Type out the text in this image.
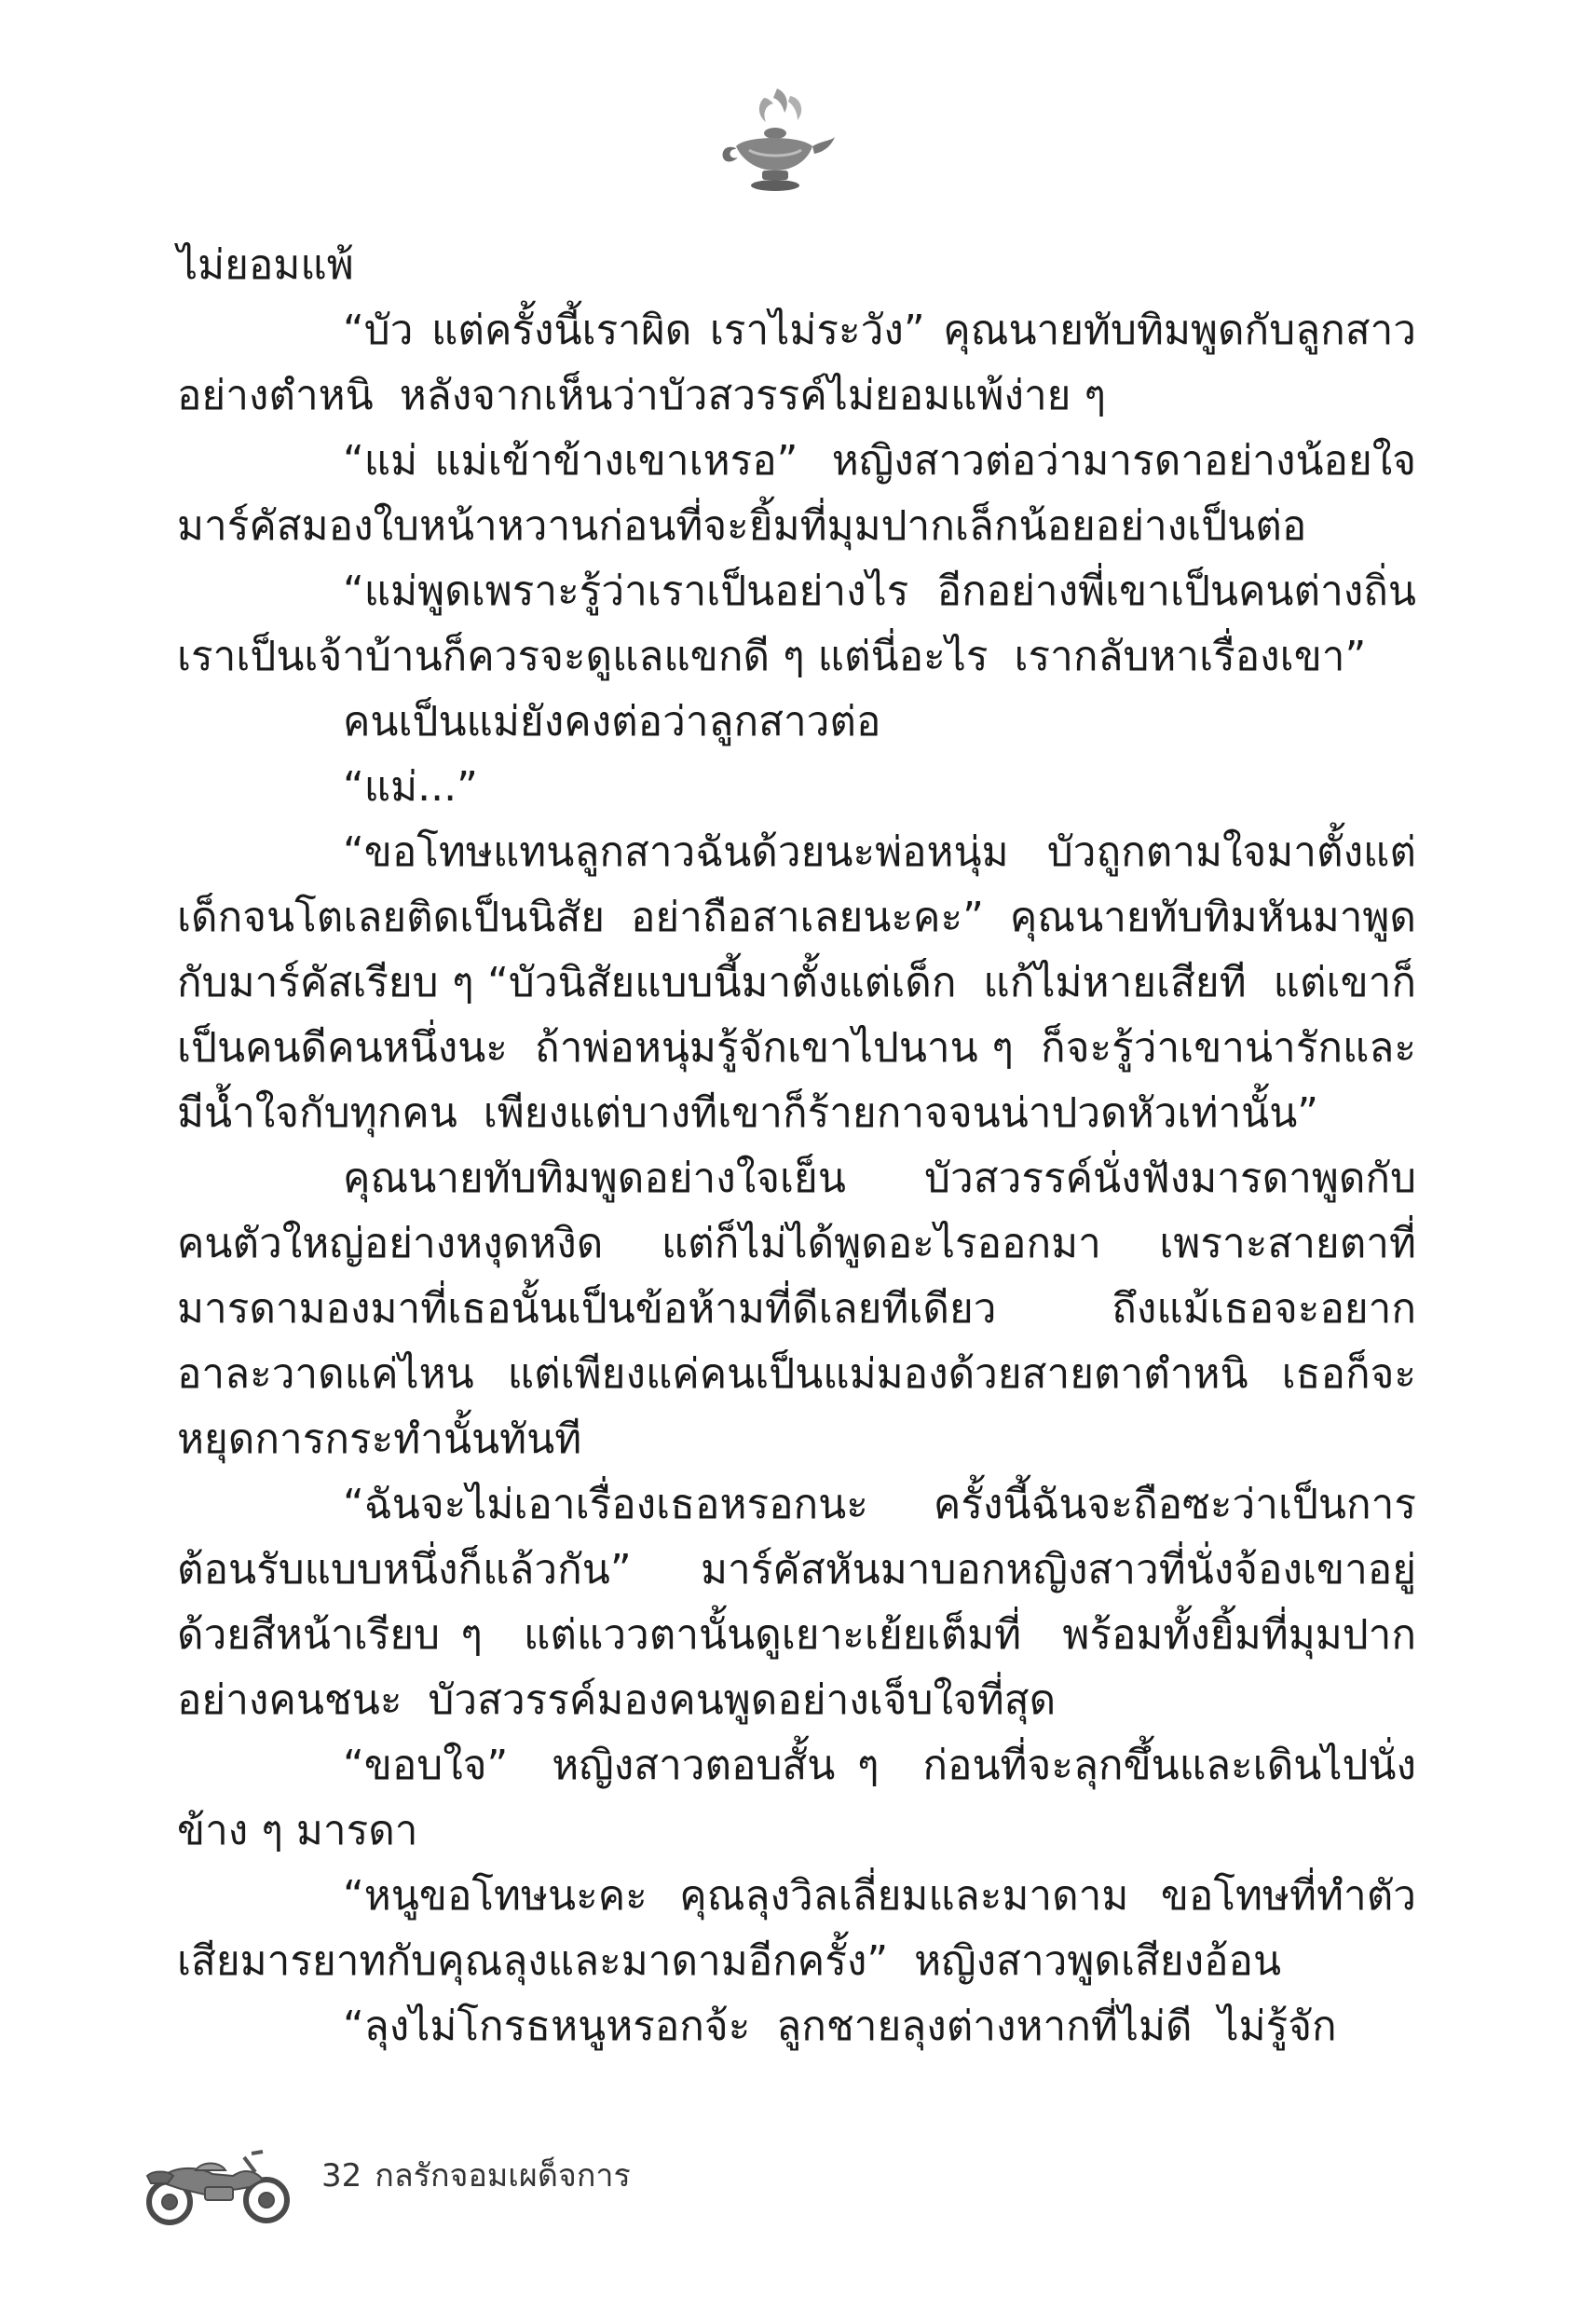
ไม่ยอมแพ้

“บัว แต่ครั้งนี้เราผิด เราไม่ระวัง” คุณนายทับทิมพูดกับลูกสาวอย่างตำหนิ  หลังจากเห็นว่าบัวสวรรค์ไม่ยอมแพ้ง่าย ๆ

“แม่ แม่เข้าข้างเขาเหรอ”  หญิงสาวต่อว่ามารดาอย่างน้อยใจ มาร์คัสมองใบหน้าหวานก่อนที่จะยิ้มที่มุมปากเล็กน้อยอย่างเป็นต่อ

“แม่พูดเพราะรู้ว่าเราเป็นอย่างไร อีกอย่างพี่เขาเป็นคนต่างถิ่น เราเป็นเจ้าบ้านก็ควรจะดูแลแขกดี ๆ แต่นี่อะไร  เรากลับหาเรื่องเขา”

คนเป็นแม่ยังคงต่อว่าลูกสาวต่อ

“แม่...”

“ขอโทษแทนลูกสาวฉันด้วยนะพ่อหนุ่ม  บัวถูกตามใจมาตั้งแต่เด็กจนโตเลยติดเป็นนิสัย  อย่าถือสาเลยนะคะ”  คุณนายทับทิมหันมาพูดกับมาร์คัสเรียบ ๆ “บัวนิสัยแบบนี้มาตั้งแต่เด็ก  แก้ไม่หายเสียที  แต่เขาก็เป็นคนดีคนหนึ่งนะ  ถ้าพ่อหนุ่มรู้จักเขาไปนาน ๆ  ก็จะรู้ว่าเขาน่ารักและมีน้ำใจกับทุกคน  เพียงแต่บางทีเขาก็ร้ายกาจจนน่าปวดหัวเท่านั้น”

คุณนายทับทิมพูดอย่างใจเย็น  บัวสวรรค์นั่งฟังมารดาพูดกับคนตัวใหญ่อย่างหงุดหงิด  แต่ก็ไม่ได้พูดอะไรออกมา  เพราะสายตาที่มารดามองมาที่เธอนั้นเป็นข้อห้ามที่ดีเลยทีเดียว  ถึงแม้เธอจะอยากอาละวาดแค่ไหน  แต่เพียงแค่คนเป็นแม่มองด้วยสายตาตำหนิ  เธอก็จะหยุดการกระทำนั้นทันที

“ฉันจะไม่เอาเรื่องเธอหรอกนะ  ครั้งนี้ฉันจะถือซะว่าเป็นการต้อนรับแบบหนึ่งก็แล้วกัน”  มาร์คัสหันมาบอกหญิงสาวที่นั่งจ้องเขาอยู่ด้วยสีหน้าเรียบ ๆ  แต่แววตานั้นดูเยาะเย้ยเต็มที่  พร้อมทั้งยิ้มที่มุมปากอย่างคนชนะ  บัวสวรรค์มองคนพูดอย่างเจ็บใจที่สุด

“ขอบใจ”  หญิงสาวตอบสั้น ๆ  ก่อนที่จะลุกขึ้นและเดินไปนั่งข้าง ๆ มารดา

“หนูขอโทษนะคะ  คุณลุงวิลเลี่ยมและมาดาม  ขอโทษที่ทำตัวเสียมารยาทกับคุณลุงและมาดามอีกครั้ง”  หญิงสาวพูดเสียงอ้อน

“ลุงไม่โกรธหนูหรอกจ้ะ  ลูกชายลุงต่างหากที่ไม่ดี  ไม่รู้จัก

32 กลรักจอมเผด็จการ
